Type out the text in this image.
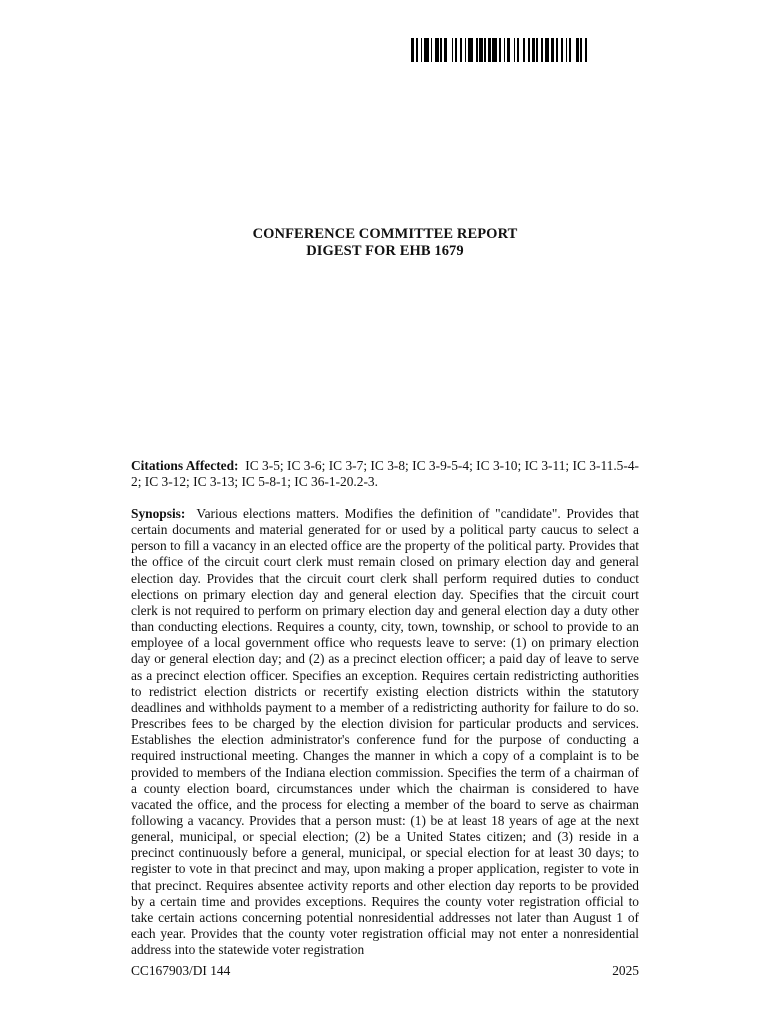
CONFERENCE COMMITTEE REPORT
DIGEST FOR EHB 1679
Citations Affected: IC 3-5; IC 3-6; IC 3-7; IC 3-8; IC 3-9-5-4; IC 3-10; IC 3-11; IC 3-11.5-4-2; IC 3-12; IC 3-13; IC 5-8-1; IC 36-1-20.2-3.
Synopsis: Various elections matters. Modifies the definition of "candidate". Provides that certain documents and material generated for or used by a political party caucus to select a person to fill a vacancy in an elected office are the property of the political party. Provides that the office of the circuit court clerk must remain closed on primary election day and general election day. Provides that the circuit court clerk shall perform required duties to conduct elections on primary election day and general election day. Specifies that the circuit court clerk is not required to perform on primary election day and general election day a duty other than conducting elections. Requires a county, city, town, township, or school to provide to an employee of a local government office who requests leave to serve: (1) on primary election day or general election day; and (2) as a precinct election officer; a paid day of leave to serve as a precinct election officer. Specifies an exception. Requires certain redistricting authorities to redistrict election districts or recertify existing election districts within the statutory deadlines and withholds payment to a member of a redistricting authority for failure to do so. Prescribes fees to be charged by the election division for particular products and services. Establishes the election administrator's conference fund for the purpose of conducting a required instructional meeting. Changes the manner in which a copy of a complaint is to be provided to members of the Indiana election commission. Specifies the term of a chairman of a county election board, circumstances under which the chairman is considered to have vacated the office, and the process for electing a member of the board to serve as chairman following a vacancy. Provides that a person must: (1) be at least 18 years of age at the next general, municipal, or special election; (2) be a United States citizen; and (3) reside in a precinct continuously before a general, municipal, or special election for at least 30 days; to register to vote in that precinct and may, upon making a proper application, register to vote in that precinct. Requires absentee activity reports and other election day reports to be provided by a certain time and provides exceptions. Requires the county voter registration official to take certain actions concerning potential nonresidential addresses not later than August 1 of each year. Provides that the county voter registration official may not enter a nonresidential address into the statewide voter registration
CC167903/DI 144	2025
